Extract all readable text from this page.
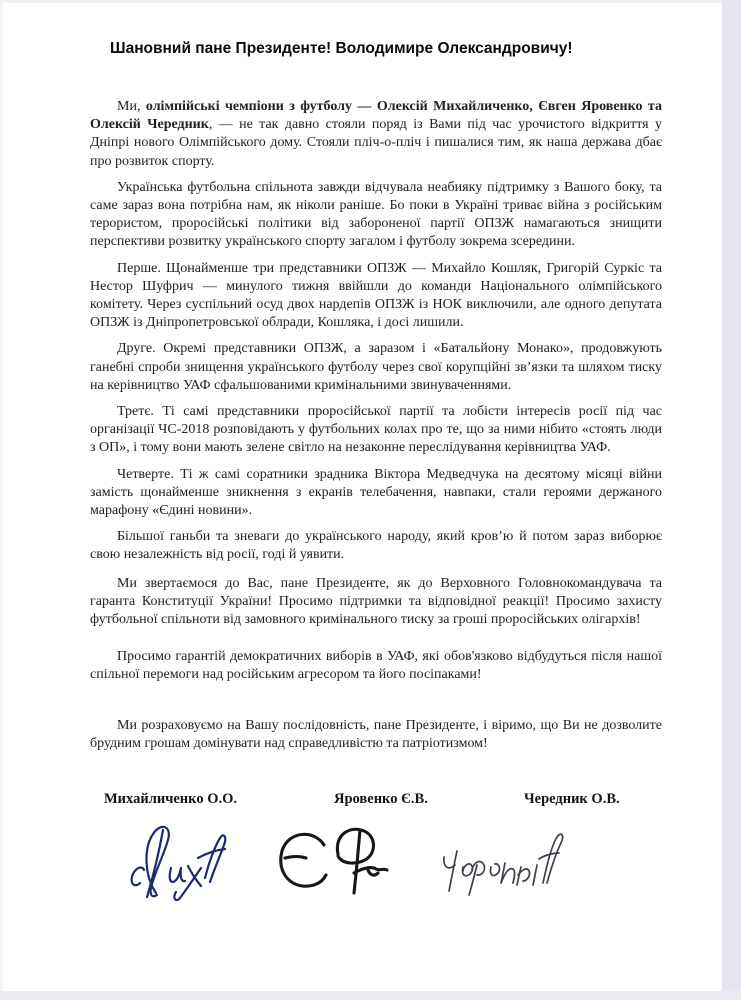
Шановний пане Президенте! Володимире Олександровичу!

Ми, олімпійські чемпіони з футболу — Олексій Михайличенко, Євген Яровенко та Олексій Чередник, — не так давно стояли поряд із Вами під час урочистого відкриття у Дніпрі нового Олімпійського дому. Стояли пліч-о-пліч і пишалися тим, як наша держава дбає про розвиток спорту.

Українська футбольна спільнота завжди відчувала неабияку підтримку з Вашого боку, та саме зараз вона потрібна нам, як ніколи раніше. Бо поки в Україні триває війна з російським терористом, проросійські політики від забороненої партії ОПЗЖ намагаються знищити перспективи розвитку українського спорту загалом і футболу зокрема зсередини.

Перше. Щонайменше три представники ОПЗЖ — Михайло Кошляк, Григорій Суркіс та Нестор Шуфрич — минулого тижня ввійшли до команди Національного олімпійського комітету. Через суспільний осуд двох нардепів ОПЗЖ із НОК виключили, але одного депутата ОПЗЖ із Дніпропетровської облради, Кошляка, і досі лишили.

Друге. Окремі представники ОПЗЖ, а заразом і «Батальйону Монако», продовжують ганебні спроби знищення українського футболу через свої корупційні зв’язки та шляхом тиску на керівництво УАФ сфальшованими кримінальними звинуваченнями.

Третє. Ті самі представники проросійської партії та лобісти інтересів росії під час організації ЧС-2018 розповідають у футбольних колах про те, що за ними нібито «стоять люди з ОП», і тому вони мають зелене світло на незаконне переслідування керівництва УАФ.

Четверте. Ті ж самі соратники зрадника Віктора Медведчука на десятому місяці війни замість щонайменше зникнення з екранів телебачення, навпаки, стали героями держаного марафону «Єдині новини».

Більшої ганьби та зневаги до українського народу, який кров’ю й потом зараз виборює свою незалежність від росії, годі й уявити.

Ми звертаємося до Вас, пане Президенте, як до Верховного Головнокомандувача та гаранта Конституції України! Просимо підтримки та відповідної реакції! Просимо захисту футбольної спільноти від замовного кримінального тиску за гроші проросійських олігархів!

Просимо гарантій демократичних виборів в УАФ, які обов'язково відбудуться після нашої спільної перемоги над російським агресором та його посіпаками!

Ми розраховуємо на Вашу послідовність, пане Президенте, і віримо, що Ви не дозволите брудним грошам домінувати над справедливістю та патріотизмом!

Михайличенко О.О.	Яровенко Є.В.	Чередник О.В.
